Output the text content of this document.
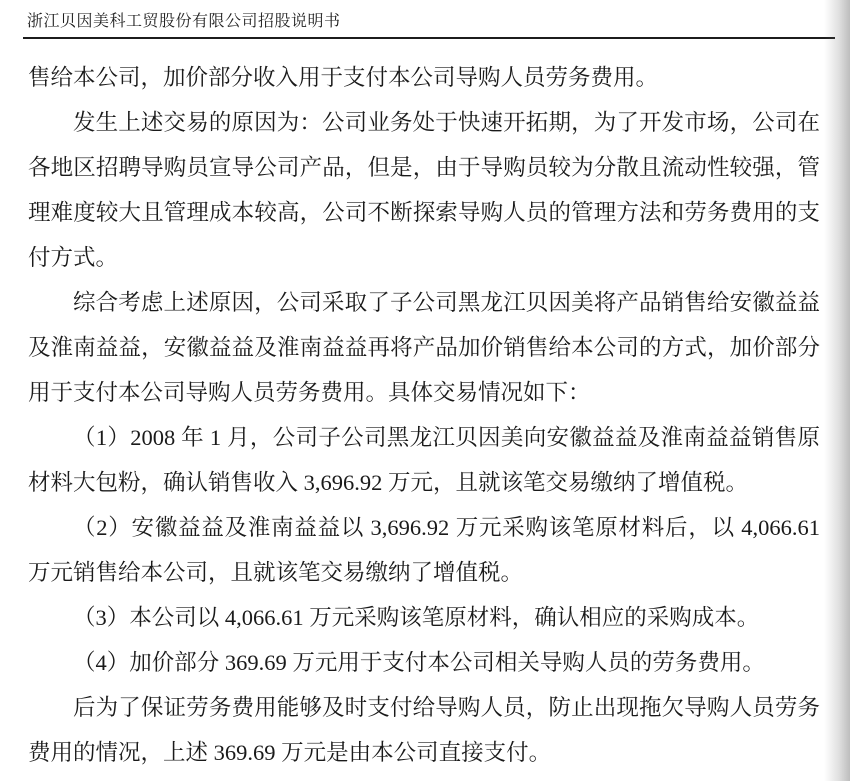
浙江贝因美科工贸股份有限公司招股说明书

售给本公司，加价部分收入用于支付本公司导购人员劳务费用。

发生上述交易的原因为：公司业务处于快速开拓期，为了开发市场，公司在各地区招聘导购员宣导公司产品，但是，由于导购员较为分散且流动性较强，管理难度较大且管理成本较高，公司不断探索导购人员的管理方法和劳务费用的支付方式。

综合考虑上述原因，公司采取了子公司黑龙江贝因美将产品销售给安徽益益及淮南益益，安徽益益及淮南益益再将产品加价销售给本公司的方式，加价部分用于支付本公司导购人员劳务费用。具体交易情况如下：

（1）2008 年 1 月，公司子公司黑龙江贝因美向安徽益益及淮南益益销售原材料大包粉，确认销售收入 3,696.92 万元，且就该笔交易缴纳了增值税。

（2）安徽益益及淮南益益以 3,696.92 万元采购该笔原材料后，以 4,066.61 万元销售给本公司，且就该笔交易缴纳了增值税。

（3）本公司以 4,066.61 万元采购该笔原材料，确认相应的采购成本。

（4）加价部分 369.69 万元用于支付本公司相关导购人员的劳务费用。

后为了保证劳务费用能够及时支付给导购人员，防止出现拖欠导购人员劳务费用的情况，上述 369.69 万元是由本公司直接支付。
